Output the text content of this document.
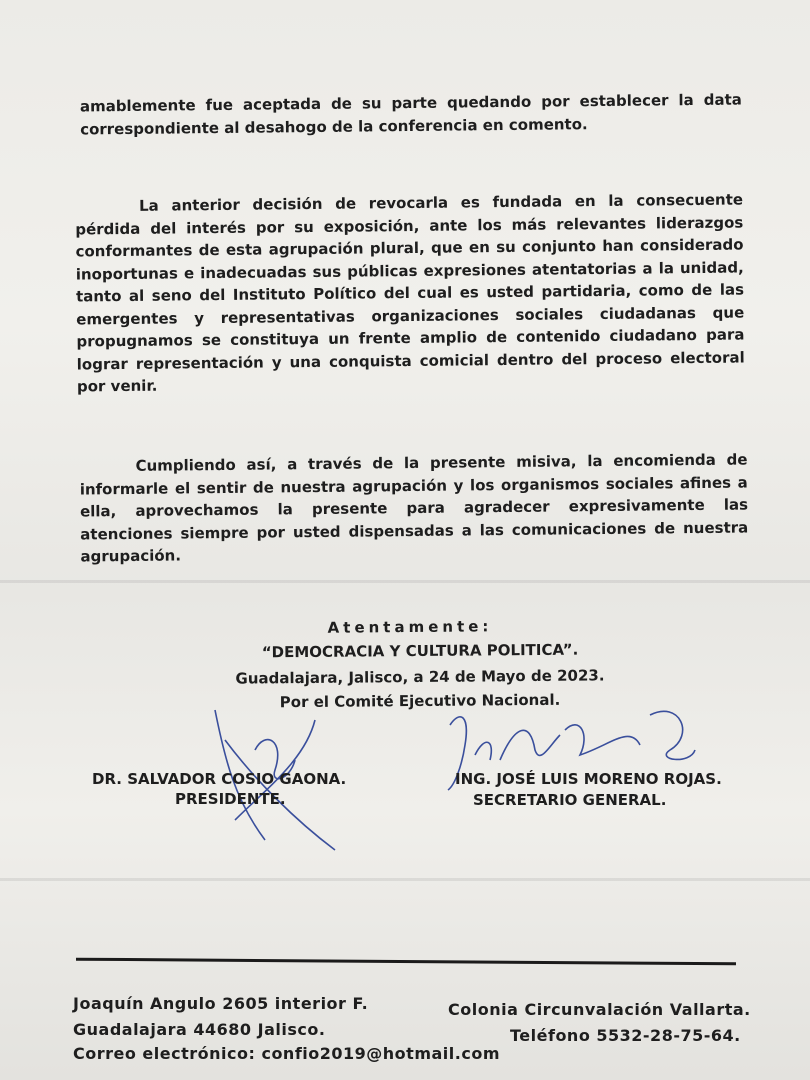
amablemente fue aceptada de su parte quedando por establecer la data correspondiente al desahogo de la conferencia en comento.

La anterior decisión de revocarla es fundada en la consecuente pérdida del interés por su exposición, ante los más relevantes liderazgos conformantes de esta agrupación plural, que en su conjunto han considerado inoportunas e inadecuadas sus públicas expresiones atentatorias a la unidad, tanto al seno del Instituto Político del cual es usted partidaria, como de las emergentes y representativas organizaciones sociales ciudadanas que propugnamos se constituya un frente amplio de contenido ciudadano para lograr representación y una conquista comicial dentro del proceso electoral por venir.

Cumpliendo así, a través de la presente misiva, la encomienda de informarle el sentir de nuestra agrupación y los organismos sociales afines a ella, aprovechamos la presente para agradecer expresivamente las atenciones siempre por usted dispensadas a las comunicaciones de nuestra agrupación.

Atentamente:

“DEMOCRACIA Y CULTURA POLITICA”.

Guadalajara, Jalisco, a 24 de Mayo de 2023.

Por el Comité Ejecutivo Nacional.

DR. SALVADOR COSIO GAONA.

PRESIDENTE.

ING. JOSÉ LUIS MORENO ROJAS.

SECRETARIO GENERAL.

Joaquín Angulo 2605 interior F.

Guadalajara 44680 Jalisco.

Correo electrónico: confio2019@hotmail.com

Colonia Circunvalación Vallarta.

Teléfono 5532-28-75-64.
